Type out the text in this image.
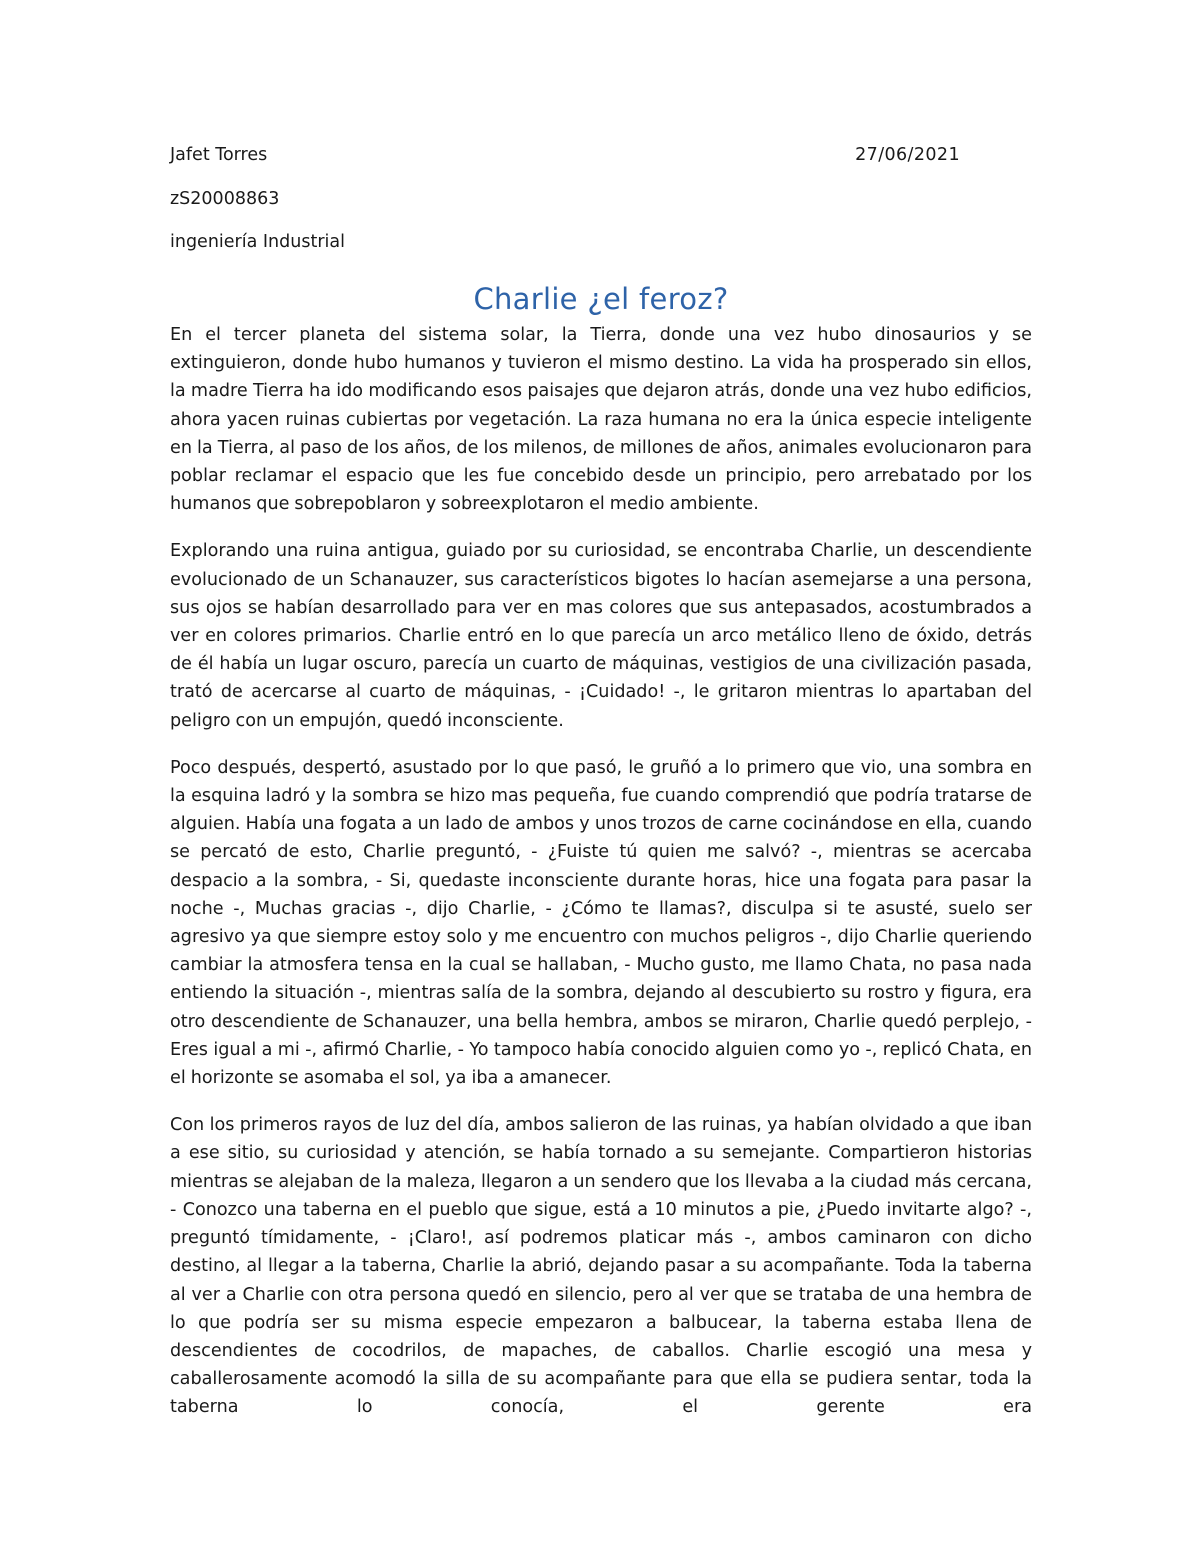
Jafet Torres	27/06/2021
zS20008863
ingeniería Industrial
Charlie ¿el feroz?

En el tercer planeta del sistema solar, la Tierra, donde una vez hubo dinosaurios y se extinguieron, donde hubo humanos y tuvieron el mismo destino. La vida ha prosperado sin ellos, la madre Tierra ha ido modificando esos paisajes que dejaron atrás, donde una vez hubo edificios, ahora yacen ruinas cubiertas por vegetación. La raza humana no era la única especie inteligente en la Tierra, al paso de los años, de los milenos, de millones de años, animales evolucionaron para poblar reclamar el espacio que les fue concebido desde un principio, pero arrebatado por los humanos que sobrepoblaron y sobreexplotaron el medio ambiente.

Explorando una ruina antigua, guiado por su curiosidad, se encontraba Charlie, un descendiente evolucionado de un Schanauzer, sus característicos bigotes lo hacían asemejarse a una persona, sus ojos se habían desarrollado para ver en mas colores que sus antepasados, acostumbrados a ver en colores primarios. Charlie entró en lo que parecía un arco metálico lleno de óxido, detrás de él había un lugar oscuro, parecía un cuarto de máquinas, vestigios de una civilización pasada, trató de acercarse al cuarto de máquinas, - ¡Cuidado! -, le gritaron mientras lo apartaban del peligro con un empujón, quedó inconsciente.

Poco después, despertó, asustado por lo que pasó, le gruñó a lo primero que vio, una sombra en la esquina ladró y la sombra se hizo mas pequeña, fue cuando comprendió que podría tratarse de alguien. Había una fogata a un lado de ambos y unos trozos de carne cocinándose en ella, cuando se percató de esto, Charlie preguntó, - ¿Fuiste tú quien me salvó? -, mientras se acercaba despacio a la sombra, - Si, quedaste inconsciente durante horas, hice una fogata para pasar la noche -, Muchas gracias -, dijo Charlie, - ¿Cómo te llamas?, disculpa si te asusté, suelo ser agresivo ya que siempre estoy solo y me encuentro con muchos peligros -, dijo Charlie queriendo cambiar la atmosfera tensa en la cual se hallaban, - Mucho gusto, me llamo Chata, no pasa nada entiendo la situación -, mientras salía de la sombra, dejando al descubierto su rostro y figura, era otro descendiente de Schanauzer, una bella hembra, ambos se miraron, Charlie quedó perplejo, - Eres igual a mi -, afirmó Charlie, - Yo tampoco había conocido alguien como yo -, replicó Chata, en el horizonte se asomaba el sol, ya iba a amanecer.

Con los primeros rayos de luz del día, ambos salieron de las ruinas, ya habían olvidado a que iban a ese sitio, su curiosidad y atención, se había tornado a su semejante. Compartieron historias mientras se alejaban de la maleza, llegaron a un sendero que los llevaba a la ciudad más cercana, - Conozco una taberna en el pueblo que sigue, está a 10 minutos a pie, ¿Puedo invitarte algo? -, preguntó tímidamente, - ¡Claro!, así podremos platicar más -, ambos caminaron con dicho destino, al llegar a la taberna, Charlie la abrió, dejando pasar a su acompañante. Toda la taberna al ver a Charlie con otra persona quedó en silencio, pero al ver que se trataba de una hembra de lo que podría ser su misma especie empezaron a balbucear, la taberna estaba llena de descendientes de cocodrilos, de mapaches, de caballos. Charlie escogió una mesa y caballerosamente acomodó la silla de su acompañante para que ella se pudiera sentar, toda la taberna lo conocía, el gerente era
